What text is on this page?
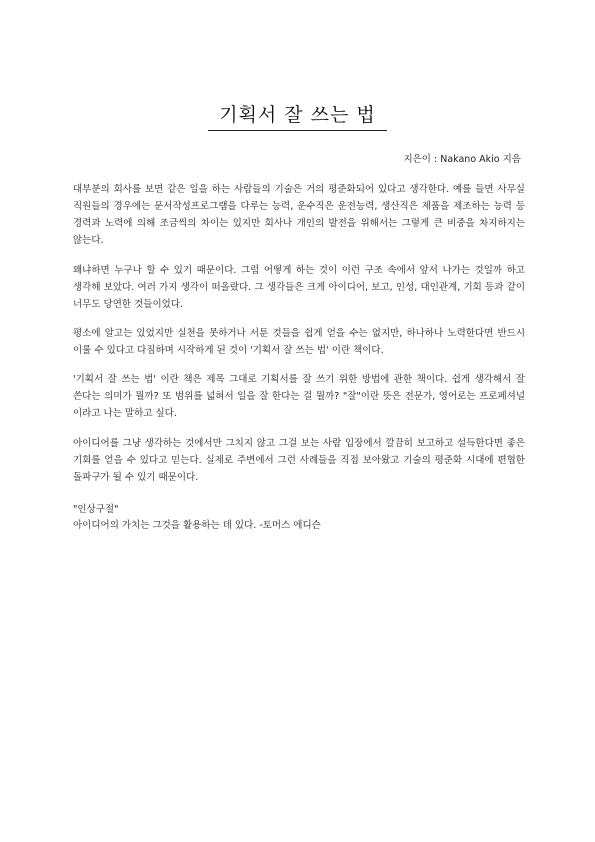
기획서 잘 쓰는 법
지은이 : Nakano Akio 지음
대부분의 회사를 보면 같은 일을 하는 사람들의 기술은 거의 평준화되어 있다고 생각한다. 예를 들면 사무실 직원들의 경우에는 문서작성프로그램을 다루는 능력, 운수직은 운전능력, 생산직은 제품을 제조하는 능력 등 경력과 노력에 의해 조금씩의 차이는 있지만 회사나 개인의 발전을 위해서는 그렇게 큰 비중을 차지하지는 않는다.
왜냐하면 누구나 할 수 있기 때문이다. 그럼 어떻게 하는 것이 이런 구조 속에서 앞서 나가는 것일까 하고 생각해 보았다. 여러 가지 생각이 떠올랐다. 그 생각들은 크게 아이디어, 보고, 인성, 대인관계, 기회 등과 같이 너무도 당연한 것들이었다.
평소에 알고는 있었지만 실천을 못하거나 서툰 것들을 쉽게 얻을 수는 없지만, 하나하나 노력한다면 반드시 이룰 수 있다고 다짐하며 시작하게 된 것이 '기획서 잘 쓰는 법' 이란 책이다.
'기획서 잘 쓰는 법' 이란 책은 제목 그대로 기획서를 잘 쓰기 위한 방법에 관한 책이다. 쉽게 생각해서 잘 쓴다는 의미가 뭘까? 또 범위를 넓혀서 일을 잘 한다는 걸 뭘까? "잘"이란 뜻은 전문가, 영어로는 프로페셔널 이라고 나는 말하고 싶다.
아이디어를 그냥 생각하는 것에서만 그치지 않고 그걸 보는 사람 입장에서 깔끔히 보고하고 설득한다면 좋은 기회를 얻을 수 있다고 믿는다. 실제로 주변에서 그런 사례들을 직접 보아왔고 기술의 평준화 시대에 편협한 돌파구가 될 수 있기 때문이다.
"인상구절"
아이디어의 가치는 그것을 활용하는 데 있다. -토머스 에디슨
